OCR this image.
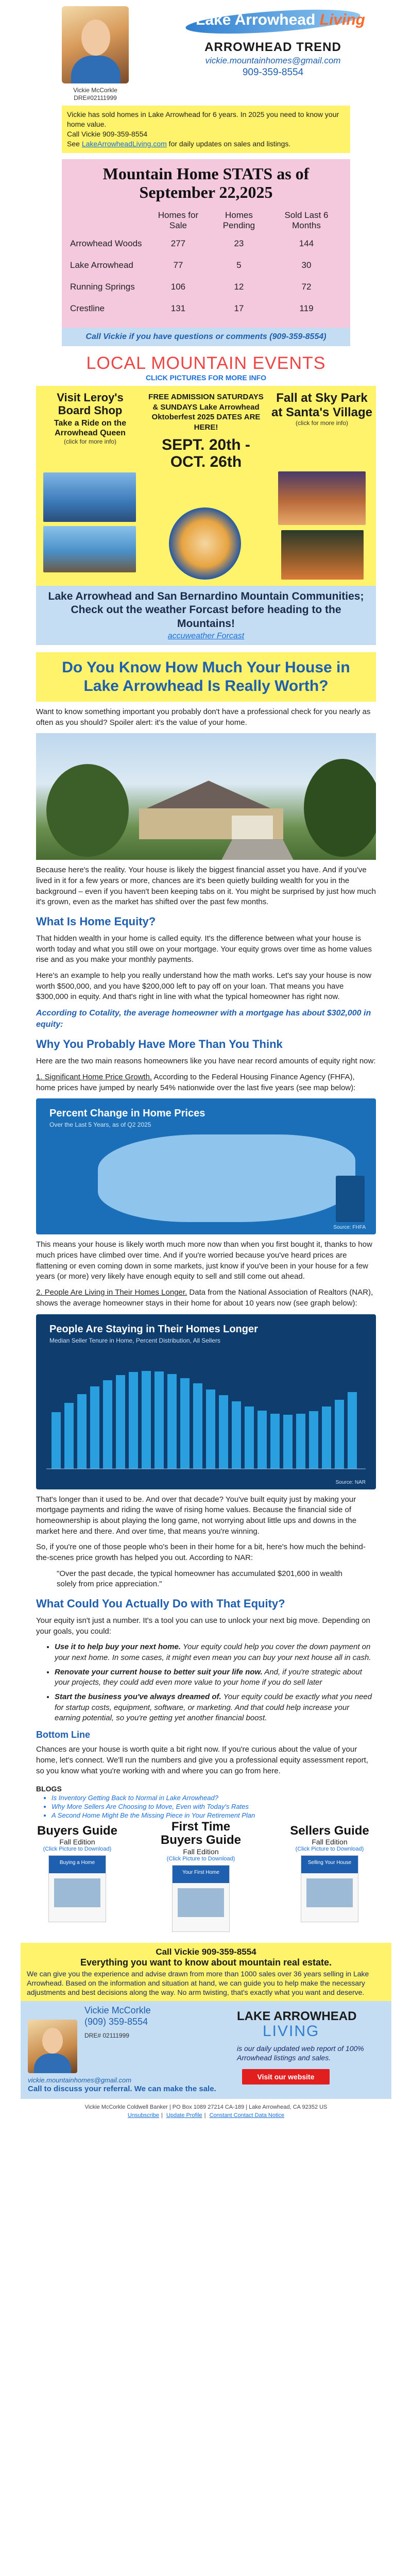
Vickie McCorkle
DRE#02111999
Lake Arrowhead Living.com
ARROWHEAD TREND
vickie.mountainhomes@gmail.com
909-359-8554
Vickie has sold homes in Lake Arrowhead for 6 years. In 2025 you need to know your home value.
Call Vickie 909-359-8554
See LakeArrowheadLiving.com for daily updates on sales and listings.
Mountain Home STATS as of September 22,2025
	Homes for Sale	Homes Pending	Sold Last 6 Months
Arrowhead Woods	277	23	144
Lake Arrowhead	77	5	30
Running Springs	106	12	72
Crestline	131	17	119
Call Vickie if you have questions or comments (909-359-8554)
LOCAL MOUNTAIN EVENTS
CLICK PICTURES FOR MORE INFO
Visit Leroy's Board Shop
Take a Ride on the Arrowhead Queen
(click for more info)
FREE ADMISSION SATURDAYS & SUNDAYS Lake Arrowhead Oktoberfest 2025 DATES ARE HERE!
SEPT. 20th - OCT. 26th
Fall at Sky Park at Santa's Village
(click for more info)
Lake Arrowhead and San Bernardino Mountain Communities; Check out the weather Forcast before heading to the Mountains!
accuweather Forcast
Do You Know How Much Your House in Lake Arrowhead Is Really Worth?

Want to know something important you probably don't have a professional check for you nearly as often as you should? Spoiler alert: it's the value of your home.

Because here's the reality. Your house is likely the biggest financial asset you have. And if you've lived in it for a few years or more, chances are it's been quietly building wealth for you in the background – even if you haven't been keeping tabs on it. You might be surprised by just how much it's grown, even as the market has shifted over the past few months.

What Is Home Equity?

That hidden wealth in your home is called equity. It's the difference between what your house is worth today and what you still owe on your mortgage. Your equity grows over time as home values rise and as you make your monthly payments.

Here's an example to help you really understand how the math works. Let's say your house is now worth $500,000, and you have $200,000 left to pay off on your loan. That means you have $300,000 in equity. And that's right in line with what the typical homeowner has right now.

According to Cotality, the average homeowner with a mortgage has about $302,000 in equity:

Why You Probably Have More Than You Think

Here are the two main reasons homeowners like you have near record amounts of equity right now:

1. Significant Home Price Growth. According to the Federal Housing Finance Agency (FHFA), home prices have jumped by nearly 54% nationwide over the last five years (see map below):

Percent Change in Home Prices
Over the Last 5 Years, as of Q2 2025
Source: FHFA

This means your house is likely worth much more now than when you first bought it, thanks to how much prices have climbed over time. And if you're worried because you've heard prices are flattening or even coming down in some markets, just know if you've been in your house for a few years (or more) very likely have enough equity to sell and still come out ahead.

2. People Are Living in Their Homes Longer. Data from the National Association of Realtors (NAR), shows the average homeowner stays in their home for about 10 years now (see graph below):

People Are Staying in Their Homes Longer
Median Seller Tenure in Home, Percent Distribution, All Sellers
Source: NAR

That's longer than it used to be. And over that decade? You've built equity just by making your mortgage payments and riding the wave of rising home values. Because the financial side of homeownership is about playing the long game, not worrying about little ups and downs in the market here and there. And over time, that means you're winning.

So, if you're one of those people who's been in their home for a bit, here's how much the behind-the-scenes price growth has helped you out. According to NAR:

"Over the past decade, the typical homeowner has accumulated $201,600 in wealth solely from price appreciation."

What Could You Actually Do with That Equity?

Your equity isn't just a number. It's a tool you can use to unlock your next big move. Depending on your goals, you could:

• Use it to help buy your next home. Your equity could help you cover the down payment on your next home. In some cases, it might even mean you can buy your next house all in cash.
• Renovate your current house to better suit your life now. And, if you're strategic about your projects, they could add even more value to your home if you do sell later
• Start the business you've always dreamed of. Your equity could be exactly what you need for startup costs, equipment, software, or marketing. And that could help increase your earning potential, so you're getting yet another financial boost.
Bottom Line

Chances are your house is worth quite a bit right now. If you're curious about the value of your home, let's connect. We'll run the numbers and give you a professional equity assessment report, so you know what you're working with and where you can go from here.

BLOGS
• Is Inventory Getting Back to Normal in Lake Arrowhead?
• Why More Sellers Are Choosing to Move, Even with Today's Rates
• A Second Home Might Be the Missing Piece in Your Retirement Plan
Buyers Guide
Fall Edition
(Click Picture to Download)
Buying a Home
First Time Buyers Guide
Fall Edition
(Click Picture to Download)
Your First Home
Sellers Guide
Fall Edition
(Click Picture to Download)
Selling Your House
Call Vickie 909-359-8554
Everything you want to know about mountain real estate.
We can give you the experience and advise drawn from more than 1000 sales over 36 years selling in Lake Arrowhead. Based on the information and situation at hand, we can guide you to help make the necessary adjustments and best decisions along the way. No arm twisting, that's exactly what you want and deserve.
Vickie McCorkle
(909) 359-8554
DRE# 02111999
vickie.mountainhomes@gmail.com
Call to discuss your referral. We can make the sale.
LAKE ARROWHEAD
LIVING
is our daily updated web report of 100% Arrowhead listings and sales.
Visit our website
Vickie McCorkle Coldwell Banker | PO Box 1089 27214 CA-189 | Lake Arrowhead, CA 92352 US
Unsubscribe | Update Profile | Constant Contact Data Notice
